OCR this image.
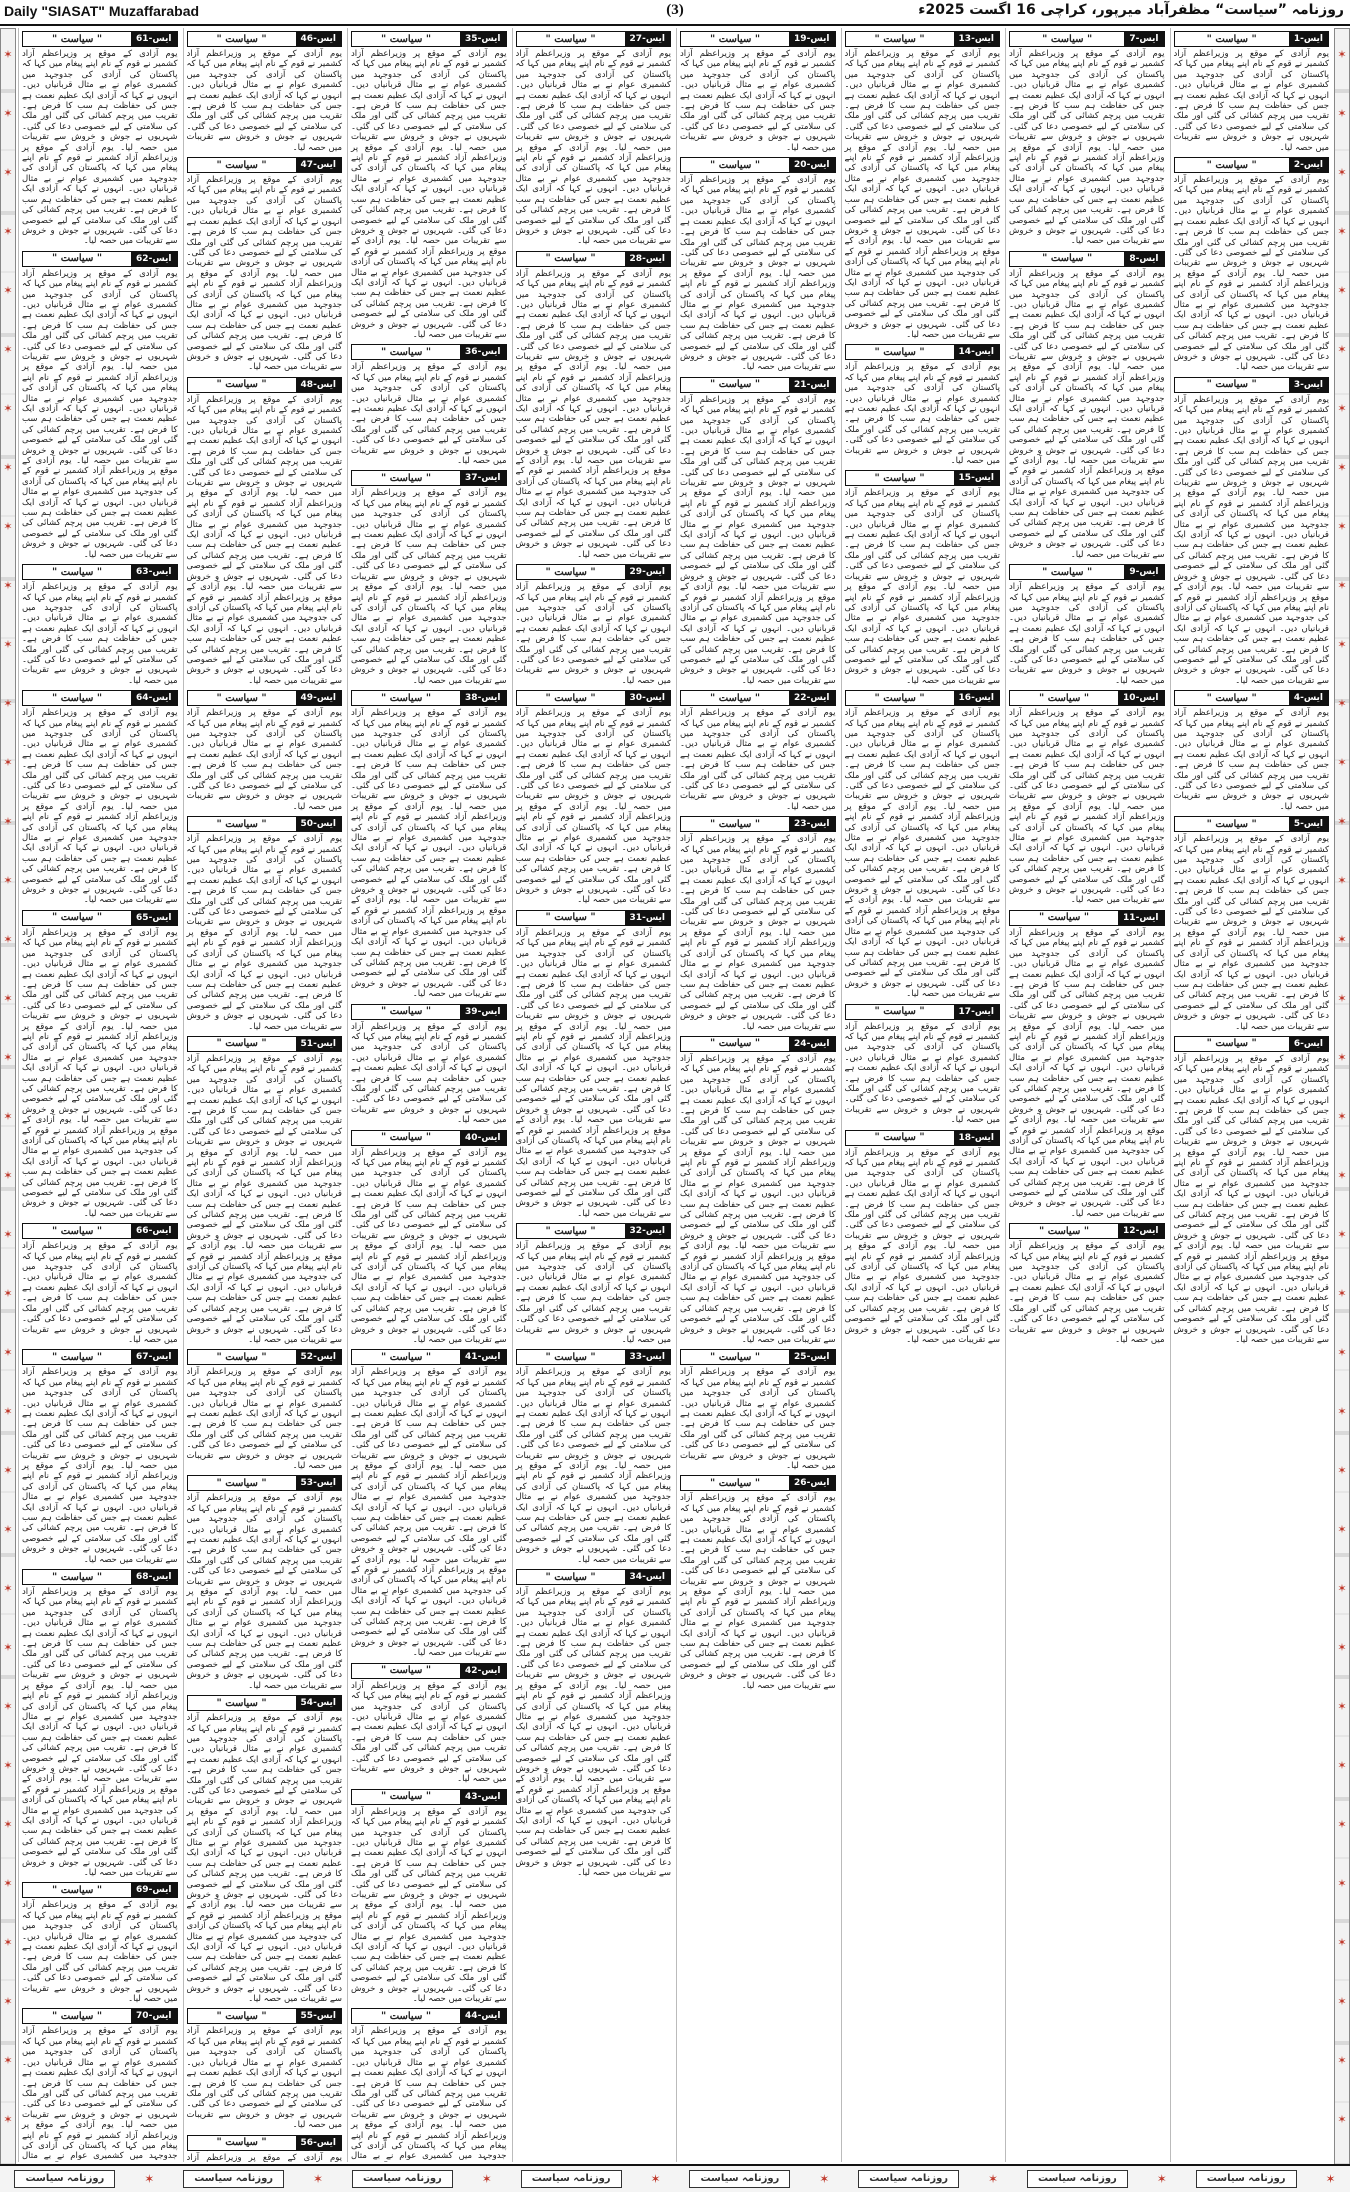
Daily "SIASAT" Muzaffarabad	(3)	روزنامہ ”سیاست“ مظفرآباد میرپور، کراچی 16 اگست 2025ء
✶
✶
✶
✶
✶
✶
✶
✶
✶
✶
✶
✶
✶
✶
✶
✶
✶
✶
✶
✶
✶
✶
✶
✶
✶
✶
✶
✶
✶
✶
✶
✶
✶
✶
✶
✶
✶
✶
✶
✶
✶
✶
✶
✶
✶
✶
✶
✶
✶
✶
✶
✶
✶
✶
✶
✶
✶
✶
✶
✶
✶
✶
✶
✶
✶
✶
✶
✶
✶
✶
✶
✶
ایس-1
" سیاست "

یوم آزادی کے موقع پر وزیراعظم آزاد کشمیر نے قوم کے نام اپنے پیغام میں کہا کہ پاکستان کی آزادی کی جدوجہد میں کشمیری عوام نے بے مثال قربانیاں دیں۔ انہوں نے کہا کہ آزادی ایک عظیم نعمت ہے جس کی حفاظت ہم سب کا فرض ہے۔ تقریب میں پرچم کشائی کی گئی اور ملک کی سلامتی کے لیے خصوصی دعا کی گئی۔ شہریوں نے جوش و خروش سے تقریبات میں حصہ لیا۔

ایس-2
" سیاست "

یوم آزادی کے موقع پر وزیراعظم آزاد کشمیر نے قوم کے نام اپنے پیغام میں کہا کہ پاکستان کی آزادی کی جدوجہد میں کشمیری عوام نے بے مثال قربانیاں دیں۔ انہوں نے کہا کہ آزادی ایک عظیم نعمت ہے جس کی حفاظت ہم سب کا فرض ہے۔ تقریب میں پرچم کشائی کی گئی اور ملک کی سلامتی کے لیے خصوصی دعا کی گئی۔ شہریوں نے جوش و خروش سے تقریبات میں حصہ لیا۔ یوم آزادی کے موقع پر وزیراعظم آزاد کشمیر نے قوم کے نام اپنے پیغام میں کہا کہ پاکستان کی آزادی کی جدوجہد میں کشمیری عوام نے بے مثال قربانیاں دیں۔ انہوں نے کہا کہ آزادی ایک عظیم نعمت ہے جس کی حفاظت ہم سب کا فرض ہے۔ تقریب میں پرچم کشائی کی گئی اور ملک کی سلامتی کے لیے خصوصی دعا کی گئی۔ شہریوں نے جوش و خروش سے تقریبات میں حصہ لیا۔

ایس-3
" سیاست "

یوم آزادی کے موقع پر وزیراعظم آزاد کشمیر نے قوم کے نام اپنے پیغام میں کہا کہ پاکستان کی آزادی کی جدوجہد میں کشمیری عوام نے بے مثال قربانیاں دیں۔ انہوں نے کہا کہ آزادی ایک عظیم نعمت ہے جس کی حفاظت ہم سب کا فرض ہے۔ تقریب میں پرچم کشائی کی گئی اور ملک کی سلامتی کے لیے خصوصی دعا کی گئی۔ شہریوں نے جوش و خروش سے تقریبات میں حصہ لیا۔ یوم آزادی کے موقع پر وزیراعظم آزاد کشمیر نے قوم کے نام اپنے پیغام میں کہا کہ پاکستان کی آزادی کی جدوجہد میں کشمیری عوام نے بے مثال قربانیاں دیں۔ انہوں نے کہا کہ آزادی ایک عظیم نعمت ہے جس کی حفاظت ہم سب کا فرض ہے۔ تقریب میں پرچم کشائی کی گئی اور ملک کی سلامتی کے لیے خصوصی دعا کی گئی۔ شہریوں نے جوش و خروش سے تقریبات میں حصہ لیا۔ یوم آزادی کے موقع پر وزیراعظم آزاد کشمیر نے قوم کے نام اپنے پیغام میں کہا کہ پاکستان کی آزادی کی جدوجہد میں کشمیری عوام نے بے مثال قربانیاں دیں۔ انہوں نے کہا کہ آزادی ایک عظیم نعمت ہے جس کی حفاظت ہم سب کا فرض ہے۔ تقریب میں پرچم کشائی کی گئی اور ملک کی سلامتی کے لیے خصوصی دعا کی گئی۔ شہریوں نے جوش و خروش سے تقریبات میں حصہ لیا۔

ایس-4
" سیاست "

یوم آزادی کے موقع پر وزیراعظم آزاد کشمیر نے قوم کے نام اپنے پیغام میں کہا کہ پاکستان کی آزادی کی جدوجہد میں کشمیری عوام نے بے مثال قربانیاں دیں۔ انہوں نے کہا کہ آزادی ایک عظیم نعمت ہے جس کی حفاظت ہم سب کا فرض ہے۔ تقریب میں پرچم کشائی کی گئی اور ملک کی سلامتی کے لیے خصوصی دعا کی گئی۔ شہریوں نے جوش و خروش سے تقریبات میں حصہ لیا۔

ایس-5
" سیاست "

یوم آزادی کے موقع پر وزیراعظم آزاد کشمیر نے قوم کے نام اپنے پیغام میں کہا کہ پاکستان کی آزادی کی جدوجہد میں کشمیری عوام نے بے مثال قربانیاں دیں۔ انہوں نے کہا کہ آزادی ایک عظیم نعمت ہے جس کی حفاظت ہم سب کا فرض ہے۔ تقریب میں پرچم کشائی کی گئی اور ملک کی سلامتی کے لیے خصوصی دعا کی گئی۔ شہریوں نے جوش و خروش سے تقریبات میں حصہ لیا۔ یوم آزادی کے موقع پر وزیراعظم آزاد کشمیر نے قوم کے نام اپنے پیغام میں کہا کہ پاکستان کی آزادی کی جدوجہد میں کشمیری عوام نے بے مثال قربانیاں دیں۔ انہوں نے کہا کہ آزادی ایک عظیم نعمت ہے جس کی حفاظت ہم سب کا فرض ہے۔ تقریب میں پرچم کشائی کی گئی اور ملک کی سلامتی کے لیے خصوصی دعا کی گئی۔ شہریوں نے جوش و خروش سے تقریبات میں حصہ لیا۔

ایس-6
" سیاست "

یوم آزادی کے موقع پر وزیراعظم آزاد کشمیر نے قوم کے نام اپنے پیغام میں کہا کہ پاکستان کی آزادی کی جدوجہد میں کشمیری عوام نے بے مثال قربانیاں دیں۔ انہوں نے کہا کہ آزادی ایک عظیم نعمت ہے جس کی حفاظت ہم سب کا فرض ہے۔ تقریب میں پرچم کشائی کی گئی اور ملک کی سلامتی کے لیے خصوصی دعا کی گئی۔ شہریوں نے جوش و خروش سے تقریبات میں حصہ لیا۔ یوم آزادی کے موقع پر وزیراعظم آزاد کشمیر نے قوم کے نام اپنے پیغام میں کہا کہ پاکستان کی آزادی کی جدوجہد میں کشمیری عوام نے بے مثال قربانیاں دیں۔ انہوں نے کہا کہ آزادی ایک عظیم نعمت ہے جس کی حفاظت ہم سب کا فرض ہے۔ تقریب میں پرچم کشائی کی گئی اور ملک کی سلامتی کے لیے خصوصی دعا کی گئی۔ شہریوں نے جوش و خروش سے تقریبات میں حصہ لیا۔ یوم آزادی کے موقع پر وزیراعظم آزاد کشمیر نے قوم کے نام اپنے پیغام میں کہا کہ پاکستان کی آزادی کی جدوجہد میں کشمیری عوام نے بے مثال قربانیاں دیں۔ انہوں نے کہا کہ آزادی ایک عظیم نعمت ہے جس کی حفاظت ہم سب کا فرض ہے۔ تقریب میں پرچم کشائی کی گئی اور ملک کی سلامتی کے لیے خصوصی دعا کی گئی۔ شہریوں نے جوش و خروش سے تقریبات میں حصہ لیا۔

ایس-7
" سیاست "

یوم آزادی کے موقع پر وزیراعظم آزاد کشمیر نے قوم کے نام اپنے پیغام میں کہا کہ پاکستان کی آزادی کی جدوجہد میں کشمیری عوام نے بے مثال قربانیاں دیں۔ انہوں نے کہا کہ آزادی ایک عظیم نعمت ہے جس کی حفاظت ہم سب کا فرض ہے۔ تقریب میں پرچم کشائی کی گئی اور ملک کی سلامتی کے لیے خصوصی دعا کی گئی۔ شہریوں نے جوش و خروش سے تقریبات میں حصہ لیا۔ یوم آزادی کے موقع پر وزیراعظم آزاد کشمیر نے قوم کے نام اپنے پیغام میں کہا کہ پاکستان کی آزادی کی جدوجہد میں کشمیری عوام نے بے مثال قربانیاں دیں۔ انہوں نے کہا کہ آزادی ایک عظیم نعمت ہے جس کی حفاظت ہم سب کا فرض ہے۔ تقریب میں پرچم کشائی کی گئی اور ملک کی سلامتی کے لیے خصوصی دعا کی گئی۔ شہریوں نے جوش و خروش سے تقریبات میں حصہ لیا۔

ایس-8
" سیاست "

یوم آزادی کے موقع پر وزیراعظم آزاد کشمیر نے قوم کے نام اپنے پیغام میں کہا کہ پاکستان کی آزادی کی جدوجہد میں کشمیری عوام نے بے مثال قربانیاں دیں۔ انہوں نے کہا کہ آزادی ایک عظیم نعمت ہے جس کی حفاظت ہم سب کا فرض ہے۔ تقریب میں پرچم کشائی کی گئی اور ملک کی سلامتی کے لیے خصوصی دعا کی گئی۔ شہریوں نے جوش و خروش سے تقریبات میں حصہ لیا۔ یوم آزادی کے موقع پر وزیراعظم آزاد کشمیر نے قوم کے نام اپنے پیغام میں کہا کہ پاکستان کی آزادی کی جدوجہد میں کشمیری عوام نے بے مثال قربانیاں دیں۔ انہوں نے کہا کہ آزادی ایک عظیم نعمت ہے جس کی حفاظت ہم سب کا فرض ہے۔ تقریب میں پرچم کشائی کی گئی اور ملک کی سلامتی کے لیے خصوصی دعا کی گئی۔ شہریوں نے جوش و خروش سے تقریبات میں حصہ لیا۔ یوم آزادی کے موقع پر وزیراعظم آزاد کشمیر نے قوم کے نام اپنے پیغام میں کہا کہ پاکستان کی آزادی کی جدوجہد میں کشمیری عوام نے بے مثال قربانیاں دیں۔ انہوں نے کہا کہ آزادی ایک عظیم نعمت ہے جس کی حفاظت ہم سب کا فرض ہے۔ تقریب میں پرچم کشائی کی گئی اور ملک کی سلامتی کے لیے خصوصی دعا کی گئی۔ شہریوں نے جوش و خروش سے تقریبات میں حصہ لیا۔

ایس-9
" سیاست "

یوم آزادی کے موقع پر وزیراعظم آزاد کشمیر نے قوم کے نام اپنے پیغام میں کہا کہ پاکستان کی آزادی کی جدوجہد میں کشمیری عوام نے بے مثال قربانیاں دیں۔ انہوں نے کہا کہ آزادی ایک عظیم نعمت ہے جس کی حفاظت ہم سب کا فرض ہے۔ تقریب میں پرچم کشائی کی گئی اور ملک کی سلامتی کے لیے خصوصی دعا کی گئی۔ شہریوں نے جوش و خروش سے تقریبات میں حصہ لیا۔

ایس-10
" سیاست "

یوم آزادی کے موقع پر وزیراعظم آزاد کشمیر نے قوم کے نام اپنے پیغام میں کہا کہ پاکستان کی آزادی کی جدوجہد میں کشمیری عوام نے بے مثال قربانیاں دیں۔ انہوں نے کہا کہ آزادی ایک عظیم نعمت ہے جس کی حفاظت ہم سب کا فرض ہے۔ تقریب میں پرچم کشائی کی گئی اور ملک کی سلامتی کے لیے خصوصی دعا کی گئی۔ شہریوں نے جوش و خروش سے تقریبات میں حصہ لیا۔ یوم آزادی کے موقع پر وزیراعظم آزاد کشمیر نے قوم کے نام اپنے پیغام میں کہا کہ پاکستان کی آزادی کی جدوجہد میں کشمیری عوام نے بے مثال قربانیاں دیں۔ انہوں نے کہا کہ آزادی ایک عظیم نعمت ہے جس کی حفاظت ہم سب کا فرض ہے۔ تقریب میں پرچم کشائی کی گئی اور ملک کی سلامتی کے لیے خصوصی دعا کی گئی۔ شہریوں نے جوش و خروش سے تقریبات میں حصہ لیا۔

ایس-11
" سیاست "

یوم آزادی کے موقع پر وزیراعظم آزاد کشمیر نے قوم کے نام اپنے پیغام میں کہا کہ پاکستان کی آزادی کی جدوجہد میں کشمیری عوام نے بے مثال قربانیاں دیں۔ انہوں نے کہا کہ آزادی ایک عظیم نعمت ہے جس کی حفاظت ہم سب کا فرض ہے۔ تقریب میں پرچم کشائی کی گئی اور ملک کی سلامتی کے لیے خصوصی دعا کی گئی۔ شہریوں نے جوش و خروش سے تقریبات میں حصہ لیا۔ یوم آزادی کے موقع پر وزیراعظم آزاد کشمیر نے قوم کے نام اپنے پیغام میں کہا کہ پاکستان کی آزادی کی جدوجہد میں کشمیری عوام نے بے مثال قربانیاں دیں۔ انہوں نے کہا کہ آزادی ایک عظیم نعمت ہے جس کی حفاظت ہم سب کا فرض ہے۔ تقریب میں پرچم کشائی کی گئی اور ملک کی سلامتی کے لیے خصوصی دعا کی گئی۔ شہریوں نے جوش و خروش سے تقریبات میں حصہ لیا۔ یوم آزادی کے موقع پر وزیراعظم آزاد کشمیر نے قوم کے نام اپنے پیغام میں کہا کہ پاکستان کی آزادی کی جدوجہد میں کشمیری عوام نے بے مثال قربانیاں دیں۔ انہوں نے کہا کہ آزادی ایک عظیم نعمت ہے جس کی حفاظت ہم سب کا فرض ہے۔ تقریب میں پرچم کشائی کی گئی اور ملک کی سلامتی کے لیے خصوصی دعا کی گئی۔ شہریوں نے جوش و خروش سے تقریبات میں حصہ لیا۔

ایس-12
" سیاست "

یوم آزادی کے موقع پر وزیراعظم آزاد کشمیر نے قوم کے نام اپنے پیغام میں کہا کہ پاکستان کی آزادی کی جدوجہد میں کشمیری عوام نے بے مثال قربانیاں دیں۔ انہوں نے کہا کہ آزادی ایک عظیم نعمت ہے جس کی حفاظت ہم سب کا فرض ہے۔ تقریب میں پرچم کشائی کی گئی اور ملک کی سلامتی کے لیے خصوصی دعا کی گئی۔ شہریوں نے جوش و خروش سے تقریبات میں حصہ لیا۔

ایس-13
" سیاست "

یوم آزادی کے موقع پر وزیراعظم آزاد کشمیر نے قوم کے نام اپنے پیغام میں کہا کہ پاکستان کی آزادی کی جدوجہد میں کشمیری عوام نے بے مثال قربانیاں دیں۔ انہوں نے کہا کہ آزادی ایک عظیم نعمت ہے جس کی حفاظت ہم سب کا فرض ہے۔ تقریب میں پرچم کشائی کی گئی اور ملک کی سلامتی کے لیے خصوصی دعا کی گئی۔ شہریوں نے جوش و خروش سے تقریبات میں حصہ لیا۔ یوم آزادی کے موقع پر وزیراعظم آزاد کشمیر نے قوم کے نام اپنے پیغام میں کہا کہ پاکستان کی آزادی کی جدوجہد میں کشمیری عوام نے بے مثال قربانیاں دیں۔ انہوں نے کہا کہ آزادی ایک عظیم نعمت ہے جس کی حفاظت ہم سب کا فرض ہے۔ تقریب میں پرچم کشائی کی گئی اور ملک کی سلامتی کے لیے خصوصی دعا کی گئی۔ شہریوں نے جوش و خروش سے تقریبات میں حصہ لیا۔ یوم آزادی کے موقع پر وزیراعظم آزاد کشمیر نے قوم کے نام اپنے پیغام میں کہا کہ پاکستان کی آزادی کی جدوجہد میں کشمیری عوام نے بے مثال قربانیاں دیں۔ انہوں نے کہا کہ آزادی ایک عظیم نعمت ہے جس کی حفاظت ہم سب کا فرض ہے۔ تقریب میں پرچم کشائی کی گئی اور ملک کی سلامتی کے لیے خصوصی دعا کی گئی۔ شہریوں نے جوش و خروش سے تقریبات میں حصہ لیا۔

ایس-14
" سیاست "

یوم آزادی کے موقع پر وزیراعظم آزاد کشمیر نے قوم کے نام اپنے پیغام میں کہا کہ پاکستان کی آزادی کی جدوجہد میں کشمیری عوام نے بے مثال قربانیاں دیں۔ انہوں نے کہا کہ آزادی ایک عظیم نعمت ہے جس کی حفاظت ہم سب کا فرض ہے۔ تقریب میں پرچم کشائی کی گئی اور ملک کی سلامتی کے لیے خصوصی دعا کی گئی۔ شہریوں نے جوش و خروش سے تقریبات میں حصہ لیا۔

ایس-15
" سیاست "

یوم آزادی کے موقع پر وزیراعظم آزاد کشمیر نے قوم کے نام اپنے پیغام میں کہا کہ پاکستان کی آزادی کی جدوجہد میں کشمیری عوام نے بے مثال قربانیاں دیں۔ انہوں نے کہا کہ آزادی ایک عظیم نعمت ہے جس کی حفاظت ہم سب کا فرض ہے۔ تقریب میں پرچم کشائی کی گئی اور ملک کی سلامتی کے لیے خصوصی دعا کی گئی۔ شہریوں نے جوش و خروش سے تقریبات میں حصہ لیا۔ یوم آزادی کے موقع پر وزیراعظم آزاد کشمیر نے قوم کے نام اپنے پیغام میں کہا کہ پاکستان کی آزادی کی جدوجہد میں کشمیری عوام نے بے مثال قربانیاں دیں۔ انہوں نے کہا کہ آزادی ایک عظیم نعمت ہے جس کی حفاظت ہم سب کا فرض ہے۔ تقریب میں پرچم کشائی کی گئی اور ملک کی سلامتی کے لیے خصوصی دعا کی گئی۔ شہریوں نے جوش و خروش سے تقریبات میں حصہ لیا۔

ایس-16
" سیاست "

یوم آزادی کے موقع پر وزیراعظم آزاد کشمیر نے قوم کے نام اپنے پیغام میں کہا کہ پاکستان کی آزادی کی جدوجہد میں کشمیری عوام نے بے مثال قربانیاں دیں۔ انہوں نے کہا کہ آزادی ایک عظیم نعمت ہے جس کی حفاظت ہم سب کا فرض ہے۔ تقریب میں پرچم کشائی کی گئی اور ملک کی سلامتی کے لیے خصوصی دعا کی گئی۔ شہریوں نے جوش و خروش سے تقریبات میں حصہ لیا۔ یوم آزادی کے موقع پر وزیراعظم آزاد کشمیر نے قوم کے نام اپنے پیغام میں کہا کہ پاکستان کی آزادی کی جدوجہد میں کشمیری عوام نے بے مثال قربانیاں دیں۔ انہوں نے کہا کہ آزادی ایک عظیم نعمت ہے جس کی حفاظت ہم سب کا فرض ہے۔ تقریب میں پرچم کشائی کی گئی اور ملک کی سلامتی کے لیے خصوصی دعا کی گئی۔ شہریوں نے جوش و خروش سے تقریبات میں حصہ لیا۔ یوم آزادی کے موقع پر وزیراعظم آزاد کشمیر نے قوم کے نام اپنے پیغام میں کہا کہ پاکستان کی آزادی کی جدوجہد میں کشمیری عوام نے بے مثال قربانیاں دیں۔ انہوں نے کہا کہ آزادی ایک عظیم نعمت ہے جس کی حفاظت ہم سب کا فرض ہے۔ تقریب میں پرچم کشائی کی گئی اور ملک کی سلامتی کے لیے خصوصی دعا کی گئی۔ شہریوں نے جوش و خروش سے تقریبات میں حصہ لیا۔

ایس-17
" سیاست "

یوم آزادی کے موقع پر وزیراعظم آزاد کشمیر نے قوم کے نام اپنے پیغام میں کہا کہ پاکستان کی آزادی کی جدوجہد میں کشمیری عوام نے بے مثال قربانیاں دیں۔ انہوں نے کہا کہ آزادی ایک عظیم نعمت ہے جس کی حفاظت ہم سب کا فرض ہے۔ تقریب میں پرچم کشائی کی گئی اور ملک کی سلامتی کے لیے خصوصی دعا کی گئی۔ شہریوں نے جوش و خروش سے تقریبات میں حصہ لیا۔

ایس-18
" سیاست "

یوم آزادی کے موقع پر وزیراعظم آزاد کشمیر نے قوم کے نام اپنے پیغام میں کہا کہ پاکستان کی آزادی کی جدوجہد میں کشمیری عوام نے بے مثال قربانیاں دیں۔ انہوں نے کہا کہ آزادی ایک عظیم نعمت ہے جس کی حفاظت ہم سب کا فرض ہے۔ تقریب میں پرچم کشائی کی گئی اور ملک کی سلامتی کے لیے خصوصی دعا کی گئی۔ شہریوں نے جوش و خروش سے تقریبات میں حصہ لیا۔ یوم آزادی کے موقع پر وزیراعظم آزاد کشمیر نے قوم کے نام اپنے پیغام میں کہا کہ پاکستان کی آزادی کی جدوجہد میں کشمیری عوام نے بے مثال قربانیاں دیں۔ انہوں نے کہا کہ آزادی ایک عظیم نعمت ہے جس کی حفاظت ہم سب کا فرض ہے۔ تقریب میں پرچم کشائی کی گئی اور ملک کی سلامتی کے لیے خصوصی دعا کی گئی۔ شہریوں نے جوش و خروش سے تقریبات میں حصہ لیا۔

ایس-19
" سیاست "

یوم آزادی کے موقع پر وزیراعظم آزاد کشمیر نے قوم کے نام اپنے پیغام میں کہا کہ پاکستان کی آزادی کی جدوجہد میں کشمیری عوام نے بے مثال قربانیاں دیں۔ انہوں نے کہا کہ آزادی ایک عظیم نعمت ہے جس کی حفاظت ہم سب کا فرض ہے۔ تقریب میں پرچم کشائی کی گئی اور ملک کی سلامتی کے لیے خصوصی دعا کی گئی۔ شہریوں نے جوش و خروش سے تقریبات میں حصہ لیا۔

ایس-20
" سیاست "

یوم آزادی کے موقع پر وزیراعظم آزاد کشمیر نے قوم کے نام اپنے پیغام میں کہا کہ پاکستان کی آزادی کی جدوجہد میں کشمیری عوام نے بے مثال قربانیاں دیں۔ انہوں نے کہا کہ آزادی ایک عظیم نعمت ہے جس کی حفاظت ہم سب کا فرض ہے۔ تقریب میں پرچم کشائی کی گئی اور ملک کی سلامتی کے لیے خصوصی دعا کی گئی۔ شہریوں نے جوش و خروش سے تقریبات میں حصہ لیا۔ یوم آزادی کے موقع پر وزیراعظم آزاد کشمیر نے قوم کے نام اپنے پیغام میں کہا کہ پاکستان کی آزادی کی جدوجہد میں کشمیری عوام نے بے مثال قربانیاں دیں۔ انہوں نے کہا کہ آزادی ایک عظیم نعمت ہے جس کی حفاظت ہم سب کا فرض ہے۔ تقریب میں پرچم کشائی کی گئی اور ملک کی سلامتی کے لیے خصوصی دعا کی گئی۔ شہریوں نے جوش و خروش سے تقریبات میں حصہ لیا۔

ایس-21
" سیاست "

یوم آزادی کے موقع پر وزیراعظم آزاد کشمیر نے قوم کے نام اپنے پیغام میں کہا کہ پاکستان کی آزادی کی جدوجہد میں کشمیری عوام نے بے مثال قربانیاں دیں۔ انہوں نے کہا کہ آزادی ایک عظیم نعمت ہے جس کی حفاظت ہم سب کا فرض ہے۔ تقریب میں پرچم کشائی کی گئی اور ملک کی سلامتی کے لیے خصوصی دعا کی گئی۔ شہریوں نے جوش و خروش سے تقریبات میں حصہ لیا۔ یوم آزادی کے موقع پر وزیراعظم آزاد کشمیر نے قوم کے نام اپنے پیغام میں کہا کہ پاکستان کی آزادی کی جدوجہد میں کشمیری عوام نے بے مثال قربانیاں دیں۔ انہوں نے کہا کہ آزادی ایک عظیم نعمت ہے جس کی حفاظت ہم سب کا فرض ہے۔ تقریب میں پرچم کشائی کی گئی اور ملک کی سلامتی کے لیے خصوصی دعا کی گئی۔ شہریوں نے جوش و خروش سے تقریبات میں حصہ لیا۔ یوم آزادی کے موقع پر وزیراعظم آزاد کشمیر نے قوم کے نام اپنے پیغام میں کہا کہ پاکستان کی آزادی کی جدوجہد میں کشمیری عوام نے بے مثال قربانیاں دیں۔ انہوں نے کہا کہ آزادی ایک عظیم نعمت ہے جس کی حفاظت ہم سب کا فرض ہے۔ تقریب میں پرچم کشائی کی گئی اور ملک کی سلامتی کے لیے خصوصی دعا کی گئی۔ شہریوں نے جوش و خروش سے تقریبات میں حصہ لیا۔

ایس-22
" سیاست "

یوم آزادی کے موقع پر وزیراعظم آزاد کشمیر نے قوم کے نام اپنے پیغام میں کہا کہ پاکستان کی آزادی کی جدوجہد میں کشمیری عوام نے بے مثال قربانیاں دیں۔ انہوں نے کہا کہ آزادی ایک عظیم نعمت ہے جس کی حفاظت ہم سب کا فرض ہے۔ تقریب میں پرچم کشائی کی گئی اور ملک کی سلامتی کے لیے خصوصی دعا کی گئی۔ شہریوں نے جوش و خروش سے تقریبات میں حصہ لیا۔

ایس-23
" سیاست "

یوم آزادی کے موقع پر وزیراعظم آزاد کشمیر نے قوم کے نام اپنے پیغام میں کہا کہ پاکستان کی آزادی کی جدوجہد میں کشمیری عوام نے بے مثال قربانیاں دیں۔ انہوں نے کہا کہ آزادی ایک عظیم نعمت ہے جس کی حفاظت ہم سب کا فرض ہے۔ تقریب میں پرچم کشائی کی گئی اور ملک کی سلامتی کے لیے خصوصی دعا کی گئی۔ شہریوں نے جوش و خروش سے تقریبات میں حصہ لیا۔ یوم آزادی کے موقع پر وزیراعظم آزاد کشمیر نے قوم کے نام اپنے پیغام میں کہا کہ پاکستان کی آزادی کی جدوجہد میں کشمیری عوام نے بے مثال قربانیاں دیں۔ انہوں نے کہا کہ آزادی ایک عظیم نعمت ہے جس کی حفاظت ہم سب کا فرض ہے۔ تقریب میں پرچم کشائی کی گئی اور ملک کی سلامتی کے لیے خصوصی دعا کی گئی۔ شہریوں نے جوش و خروش سے تقریبات میں حصہ لیا۔

ایس-24
" سیاست "

یوم آزادی کے موقع پر وزیراعظم آزاد کشمیر نے قوم کے نام اپنے پیغام میں کہا کہ پاکستان کی آزادی کی جدوجہد میں کشمیری عوام نے بے مثال قربانیاں دیں۔ انہوں نے کہا کہ آزادی ایک عظیم نعمت ہے جس کی حفاظت ہم سب کا فرض ہے۔ تقریب میں پرچم کشائی کی گئی اور ملک کی سلامتی کے لیے خصوصی دعا کی گئی۔ شہریوں نے جوش و خروش سے تقریبات میں حصہ لیا۔ یوم آزادی کے موقع پر وزیراعظم آزاد کشمیر نے قوم کے نام اپنے پیغام میں کہا کہ پاکستان کی آزادی کی جدوجہد میں کشمیری عوام نے بے مثال قربانیاں دیں۔ انہوں نے کہا کہ آزادی ایک عظیم نعمت ہے جس کی حفاظت ہم سب کا فرض ہے۔ تقریب میں پرچم کشائی کی گئی اور ملک کی سلامتی کے لیے خصوصی دعا کی گئی۔ شہریوں نے جوش و خروش سے تقریبات میں حصہ لیا۔ یوم آزادی کے موقع پر وزیراعظم آزاد کشمیر نے قوم کے نام اپنے پیغام میں کہا کہ پاکستان کی آزادی کی جدوجہد میں کشمیری عوام نے بے مثال قربانیاں دیں۔ انہوں نے کہا کہ آزادی ایک عظیم نعمت ہے جس کی حفاظت ہم سب کا فرض ہے۔ تقریب میں پرچم کشائی کی گئی اور ملک کی سلامتی کے لیے خصوصی دعا کی گئی۔ شہریوں نے جوش و خروش سے تقریبات میں حصہ لیا۔

ایس-25
" سیاست "

یوم آزادی کے موقع پر وزیراعظم آزاد کشمیر نے قوم کے نام اپنے پیغام میں کہا کہ پاکستان کی آزادی کی جدوجہد میں کشمیری عوام نے بے مثال قربانیاں دیں۔ انہوں نے کہا کہ آزادی ایک عظیم نعمت ہے جس کی حفاظت ہم سب کا فرض ہے۔ تقریب میں پرچم کشائی کی گئی اور ملک کی سلامتی کے لیے خصوصی دعا کی گئی۔ شہریوں نے جوش و خروش سے تقریبات میں حصہ لیا۔

ایس-26
" سیاست "

یوم آزادی کے موقع پر وزیراعظم آزاد کشمیر نے قوم کے نام اپنے پیغام میں کہا کہ پاکستان کی آزادی کی جدوجہد میں کشمیری عوام نے بے مثال قربانیاں دیں۔ انہوں نے کہا کہ آزادی ایک عظیم نعمت ہے جس کی حفاظت ہم سب کا فرض ہے۔ تقریب میں پرچم کشائی کی گئی اور ملک کی سلامتی کے لیے خصوصی دعا کی گئی۔ شہریوں نے جوش و خروش سے تقریبات میں حصہ لیا۔ یوم آزادی کے موقع پر وزیراعظم آزاد کشمیر نے قوم کے نام اپنے پیغام میں کہا کہ پاکستان کی آزادی کی جدوجہد میں کشمیری عوام نے بے مثال قربانیاں دیں۔ انہوں نے کہا کہ آزادی ایک عظیم نعمت ہے جس کی حفاظت ہم سب کا فرض ہے۔ تقریب میں پرچم کشائی کی گئی اور ملک کی سلامتی کے لیے خصوصی دعا کی گئی۔ شہریوں نے جوش و خروش سے تقریبات میں حصہ لیا۔

ایس-27
" سیاست "

یوم آزادی کے موقع پر وزیراعظم آزاد کشمیر نے قوم کے نام اپنے پیغام میں کہا کہ پاکستان کی آزادی کی جدوجہد میں کشمیری عوام نے بے مثال قربانیاں دیں۔ انہوں نے کہا کہ آزادی ایک عظیم نعمت ہے جس کی حفاظت ہم سب کا فرض ہے۔ تقریب میں پرچم کشائی کی گئی اور ملک کی سلامتی کے لیے خصوصی دعا کی گئی۔ شہریوں نے جوش و خروش سے تقریبات میں حصہ لیا۔ یوم آزادی کے موقع پر وزیراعظم آزاد کشمیر نے قوم کے نام اپنے پیغام میں کہا کہ پاکستان کی آزادی کی جدوجہد میں کشمیری عوام نے بے مثال قربانیاں دیں۔ انہوں نے کہا کہ آزادی ایک عظیم نعمت ہے جس کی حفاظت ہم سب کا فرض ہے۔ تقریب میں پرچم کشائی کی گئی اور ملک کی سلامتی کے لیے خصوصی دعا کی گئی۔ شہریوں نے جوش و خروش سے تقریبات میں حصہ لیا۔

ایس-28
" سیاست "

یوم آزادی کے موقع پر وزیراعظم آزاد کشمیر نے قوم کے نام اپنے پیغام میں کہا کہ پاکستان کی آزادی کی جدوجہد میں کشمیری عوام نے بے مثال قربانیاں دیں۔ انہوں نے کہا کہ آزادی ایک عظیم نعمت ہے جس کی حفاظت ہم سب کا فرض ہے۔ تقریب میں پرچم کشائی کی گئی اور ملک کی سلامتی کے لیے خصوصی دعا کی گئی۔ شہریوں نے جوش و خروش سے تقریبات میں حصہ لیا۔ یوم آزادی کے موقع پر وزیراعظم آزاد کشمیر نے قوم کے نام اپنے پیغام میں کہا کہ پاکستان کی آزادی کی جدوجہد میں کشمیری عوام نے بے مثال قربانیاں دیں۔ انہوں نے کہا کہ آزادی ایک عظیم نعمت ہے جس کی حفاظت ہم سب کا فرض ہے۔ تقریب میں پرچم کشائی کی گئی اور ملک کی سلامتی کے لیے خصوصی دعا کی گئی۔ شہریوں نے جوش و خروش سے تقریبات میں حصہ لیا۔ یوم آزادی کے موقع پر وزیراعظم آزاد کشمیر نے قوم کے نام اپنے پیغام میں کہا کہ پاکستان کی آزادی کی جدوجہد میں کشمیری عوام نے بے مثال قربانیاں دیں۔ انہوں نے کہا کہ آزادی ایک عظیم نعمت ہے جس کی حفاظت ہم سب کا فرض ہے۔ تقریب میں پرچم کشائی کی گئی اور ملک کی سلامتی کے لیے خصوصی دعا کی گئی۔ شہریوں نے جوش و خروش سے تقریبات میں حصہ لیا۔

ایس-29
" سیاست "

یوم آزادی کے موقع پر وزیراعظم آزاد کشمیر نے قوم کے نام اپنے پیغام میں کہا کہ پاکستان کی آزادی کی جدوجہد میں کشمیری عوام نے بے مثال قربانیاں دیں۔ انہوں نے کہا کہ آزادی ایک عظیم نعمت ہے جس کی حفاظت ہم سب کا فرض ہے۔ تقریب میں پرچم کشائی کی گئی اور ملک کی سلامتی کے لیے خصوصی دعا کی گئی۔ شہریوں نے جوش و خروش سے تقریبات میں حصہ لیا۔

ایس-30
" سیاست "

یوم آزادی کے موقع پر وزیراعظم آزاد کشمیر نے قوم کے نام اپنے پیغام میں کہا کہ پاکستان کی آزادی کی جدوجہد میں کشمیری عوام نے بے مثال قربانیاں دیں۔ انہوں نے کہا کہ آزادی ایک عظیم نعمت ہے جس کی حفاظت ہم سب کا فرض ہے۔ تقریب میں پرچم کشائی کی گئی اور ملک کی سلامتی کے لیے خصوصی دعا کی گئی۔ شہریوں نے جوش و خروش سے تقریبات میں حصہ لیا۔ یوم آزادی کے موقع پر وزیراعظم آزاد کشمیر نے قوم کے نام اپنے پیغام میں کہا کہ پاکستان کی آزادی کی جدوجہد میں کشمیری عوام نے بے مثال قربانیاں دیں۔ انہوں نے کہا کہ آزادی ایک عظیم نعمت ہے جس کی حفاظت ہم سب کا فرض ہے۔ تقریب میں پرچم کشائی کی گئی اور ملک کی سلامتی کے لیے خصوصی دعا کی گئی۔ شہریوں نے جوش و خروش سے تقریبات میں حصہ لیا۔

ایس-31
" سیاست "

یوم آزادی کے موقع پر وزیراعظم آزاد کشمیر نے قوم کے نام اپنے پیغام میں کہا کہ پاکستان کی آزادی کی جدوجہد میں کشمیری عوام نے بے مثال قربانیاں دیں۔ انہوں نے کہا کہ آزادی ایک عظیم نعمت ہے جس کی حفاظت ہم سب کا فرض ہے۔ تقریب میں پرچم کشائی کی گئی اور ملک کی سلامتی کے لیے خصوصی دعا کی گئی۔ شہریوں نے جوش و خروش سے تقریبات میں حصہ لیا۔ یوم آزادی کے موقع پر وزیراعظم آزاد کشمیر نے قوم کے نام اپنے پیغام میں کہا کہ پاکستان کی آزادی کی جدوجہد میں کشمیری عوام نے بے مثال قربانیاں دیں۔ انہوں نے کہا کہ آزادی ایک عظیم نعمت ہے جس کی حفاظت ہم سب کا فرض ہے۔ تقریب میں پرچم کشائی کی گئی اور ملک کی سلامتی کے لیے خصوصی دعا کی گئی۔ شہریوں نے جوش و خروش سے تقریبات میں حصہ لیا۔ یوم آزادی کے موقع پر وزیراعظم آزاد کشمیر نے قوم کے نام اپنے پیغام میں کہا کہ پاکستان کی آزادی کی جدوجہد میں کشمیری عوام نے بے مثال قربانیاں دیں۔ انہوں نے کہا کہ آزادی ایک عظیم نعمت ہے جس کی حفاظت ہم سب کا فرض ہے۔ تقریب میں پرچم کشائی کی گئی اور ملک کی سلامتی کے لیے خصوصی دعا کی گئی۔ شہریوں نے جوش و خروش سے تقریبات میں حصہ لیا۔

ایس-32
" سیاست "

یوم آزادی کے موقع پر وزیراعظم آزاد کشمیر نے قوم کے نام اپنے پیغام میں کہا کہ پاکستان کی آزادی کی جدوجہد میں کشمیری عوام نے بے مثال قربانیاں دیں۔ انہوں نے کہا کہ آزادی ایک عظیم نعمت ہے جس کی حفاظت ہم سب کا فرض ہے۔ تقریب میں پرچم کشائی کی گئی اور ملک کی سلامتی کے لیے خصوصی دعا کی گئی۔ شہریوں نے جوش و خروش سے تقریبات میں حصہ لیا۔

ایس-33
" سیاست "

یوم آزادی کے موقع پر وزیراعظم آزاد کشمیر نے قوم کے نام اپنے پیغام میں کہا کہ پاکستان کی آزادی کی جدوجہد میں کشمیری عوام نے بے مثال قربانیاں دیں۔ انہوں نے کہا کہ آزادی ایک عظیم نعمت ہے جس کی حفاظت ہم سب کا فرض ہے۔ تقریب میں پرچم کشائی کی گئی اور ملک کی سلامتی کے لیے خصوصی دعا کی گئی۔ شہریوں نے جوش و خروش سے تقریبات میں حصہ لیا۔ یوم آزادی کے موقع پر وزیراعظم آزاد کشمیر نے قوم کے نام اپنے پیغام میں کہا کہ پاکستان کی آزادی کی جدوجہد میں کشمیری عوام نے بے مثال قربانیاں دیں۔ انہوں نے کہا کہ آزادی ایک عظیم نعمت ہے جس کی حفاظت ہم سب کا فرض ہے۔ تقریب میں پرچم کشائی کی گئی اور ملک کی سلامتی کے لیے خصوصی دعا کی گئی۔ شہریوں نے جوش و خروش سے تقریبات میں حصہ لیا۔

ایس-34
" سیاست "

یوم آزادی کے موقع پر وزیراعظم آزاد کشمیر نے قوم کے نام اپنے پیغام میں کہا کہ پاکستان کی آزادی کی جدوجہد میں کشمیری عوام نے بے مثال قربانیاں دیں۔ انہوں نے کہا کہ آزادی ایک عظیم نعمت ہے جس کی حفاظت ہم سب کا فرض ہے۔ تقریب میں پرچم کشائی کی گئی اور ملک کی سلامتی کے لیے خصوصی دعا کی گئی۔ شہریوں نے جوش و خروش سے تقریبات میں حصہ لیا۔ یوم آزادی کے موقع پر وزیراعظم آزاد کشمیر نے قوم کے نام اپنے پیغام میں کہا کہ پاکستان کی آزادی کی جدوجہد میں کشمیری عوام نے بے مثال قربانیاں دیں۔ انہوں نے کہا کہ آزادی ایک عظیم نعمت ہے جس کی حفاظت ہم سب کا فرض ہے۔ تقریب میں پرچم کشائی کی گئی اور ملک کی سلامتی کے لیے خصوصی دعا کی گئی۔ شہریوں نے جوش و خروش سے تقریبات میں حصہ لیا۔ یوم آزادی کے موقع پر وزیراعظم آزاد کشمیر نے قوم کے نام اپنے پیغام میں کہا کہ پاکستان کی آزادی کی جدوجہد میں کشمیری عوام نے بے مثال قربانیاں دیں۔ انہوں نے کہا کہ آزادی ایک عظیم نعمت ہے جس کی حفاظت ہم سب کا فرض ہے۔ تقریب میں پرچم کشائی کی گئی اور ملک کی سلامتی کے لیے خصوصی دعا کی گئی۔ شہریوں نے جوش و خروش سے تقریبات میں حصہ لیا۔

ایس-35
" سیاست "

یوم آزادی کے موقع پر وزیراعظم آزاد کشمیر نے قوم کے نام اپنے پیغام میں کہا کہ پاکستان کی آزادی کی جدوجہد میں کشمیری عوام نے بے مثال قربانیاں دیں۔ انہوں نے کہا کہ آزادی ایک عظیم نعمت ہے جس کی حفاظت ہم سب کا فرض ہے۔ تقریب میں پرچم کشائی کی گئی اور ملک کی سلامتی کے لیے خصوصی دعا کی گئی۔ شہریوں نے جوش و خروش سے تقریبات میں حصہ لیا۔ یوم آزادی کے موقع پر وزیراعظم آزاد کشمیر نے قوم کے نام اپنے پیغام میں کہا کہ پاکستان کی آزادی کی جدوجہد میں کشمیری عوام نے بے مثال قربانیاں دیں۔ انہوں نے کہا کہ آزادی ایک عظیم نعمت ہے جس کی حفاظت ہم سب کا فرض ہے۔ تقریب میں پرچم کشائی کی گئی اور ملک کی سلامتی کے لیے خصوصی دعا کی گئی۔ شہریوں نے جوش و خروش سے تقریبات میں حصہ لیا۔ یوم آزادی کے موقع پر وزیراعظم آزاد کشمیر نے قوم کے نام اپنے پیغام میں کہا کہ پاکستان کی آزادی کی جدوجہد میں کشمیری عوام نے بے مثال قربانیاں دیں۔ انہوں نے کہا کہ آزادی ایک عظیم نعمت ہے جس کی حفاظت ہم سب کا فرض ہے۔ تقریب میں پرچم کشائی کی گئی اور ملک کی سلامتی کے لیے خصوصی دعا کی گئی۔ شہریوں نے جوش و خروش سے تقریبات میں حصہ لیا۔

ایس-36
" سیاست "

یوم آزادی کے موقع پر وزیراعظم آزاد کشمیر نے قوم کے نام اپنے پیغام میں کہا کہ پاکستان کی آزادی کی جدوجہد میں کشمیری عوام نے بے مثال قربانیاں دیں۔ انہوں نے کہا کہ آزادی ایک عظیم نعمت ہے جس کی حفاظت ہم سب کا فرض ہے۔ تقریب میں پرچم کشائی کی گئی اور ملک کی سلامتی کے لیے خصوصی دعا کی گئی۔ شہریوں نے جوش و خروش سے تقریبات میں حصہ لیا۔

ایس-37
" سیاست "

یوم آزادی کے موقع پر وزیراعظم آزاد کشمیر نے قوم کے نام اپنے پیغام میں کہا کہ پاکستان کی آزادی کی جدوجہد میں کشمیری عوام نے بے مثال قربانیاں دیں۔ انہوں نے کہا کہ آزادی ایک عظیم نعمت ہے جس کی حفاظت ہم سب کا فرض ہے۔ تقریب میں پرچم کشائی کی گئی اور ملک کی سلامتی کے لیے خصوصی دعا کی گئی۔ شہریوں نے جوش و خروش سے تقریبات میں حصہ لیا۔ یوم آزادی کے موقع پر وزیراعظم آزاد کشمیر نے قوم کے نام اپنے پیغام میں کہا کہ پاکستان کی آزادی کی جدوجہد میں کشمیری عوام نے بے مثال قربانیاں دیں۔ انہوں نے کہا کہ آزادی ایک عظیم نعمت ہے جس کی حفاظت ہم سب کا فرض ہے۔ تقریب میں پرچم کشائی کی گئی اور ملک کی سلامتی کے لیے خصوصی دعا کی گئی۔ شہریوں نے جوش و خروش سے تقریبات میں حصہ لیا۔

ایس-38
" سیاست "

یوم آزادی کے موقع پر وزیراعظم آزاد کشمیر نے قوم کے نام اپنے پیغام میں کہا کہ پاکستان کی آزادی کی جدوجہد میں کشمیری عوام نے بے مثال قربانیاں دیں۔ انہوں نے کہا کہ آزادی ایک عظیم نعمت ہے جس کی حفاظت ہم سب کا فرض ہے۔ تقریب میں پرچم کشائی کی گئی اور ملک کی سلامتی کے لیے خصوصی دعا کی گئی۔ شہریوں نے جوش و خروش سے تقریبات میں حصہ لیا۔ یوم آزادی کے موقع پر وزیراعظم آزاد کشمیر نے قوم کے نام اپنے پیغام میں کہا کہ پاکستان کی آزادی کی جدوجہد میں کشمیری عوام نے بے مثال قربانیاں دیں۔ انہوں نے کہا کہ آزادی ایک عظیم نعمت ہے جس کی حفاظت ہم سب کا فرض ہے۔ تقریب میں پرچم کشائی کی گئی اور ملک کی سلامتی کے لیے خصوصی دعا کی گئی۔ شہریوں نے جوش و خروش سے تقریبات میں حصہ لیا۔ یوم آزادی کے موقع پر وزیراعظم آزاد کشمیر نے قوم کے نام اپنے پیغام میں کہا کہ پاکستان کی آزادی کی جدوجہد میں کشمیری عوام نے بے مثال قربانیاں دیں۔ انہوں نے کہا کہ آزادی ایک عظیم نعمت ہے جس کی حفاظت ہم سب کا فرض ہے۔ تقریب میں پرچم کشائی کی گئی اور ملک کی سلامتی کے لیے خصوصی دعا کی گئی۔ شہریوں نے جوش و خروش سے تقریبات میں حصہ لیا۔

ایس-39
" سیاست "

یوم آزادی کے موقع پر وزیراعظم آزاد کشمیر نے قوم کے نام اپنے پیغام میں کہا کہ پاکستان کی آزادی کی جدوجہد میں کشمیری عوام نے بے مثال قربانیاں دیں۔ انہوں نے کہا کہ آزادی ایک عظیم نعمت ہے جس کی حفاظت ہم سب کا فرض ہے۔ تقریب میں پرچم کشائی کی گئی اور ملک کی سلامتی کے لیے خصوصی دعا کی گئی۔ شہریوں نے جوش و خروش سے تقریبات میں حصہ لیا۔

ایس-40
" سیاست "

یوم آزادی کے موقع پر وزیراعظم آزاد کشمیر نے قوم کے نام اپنے پیغام میں کہا کہ پاکستان کی آزادی کی جدوجہد میں کشمیری عوام نے بے مثال قربانیاں دیں۔ انہوں نے کہا کہ آزادی ایک عظیم نعمت ہے جس کی حفاظت ہم سب کا فرض ہے۔ تقریب میں پرچم کشائی کی گئی اور ملک کی سلامتی کے لیے خصوصی دعا کی گئی۔ شہریوں نے جوش و خروش سے تقریبات میں حصہ لیا۔ یوم آزادی کے موقع پر وزیراعظم آزاد کشمیر نے قوم کے نام اپنے پیغام میں کہا کہ پاکستان کی آزادی کی جدوجہد میں کشمیری عوام نے بے مثال قربانیاں دیں۔ انہوں نے کہا کہ آزادی ایک عظیم نعمت ہے جس کی حفاظت ہم سب کا فرض ہے۔ تقریب میں پرچم کشائی کی گئی اور ملک کی سلامتی کے لیے خصوصی دعا کی گئی۔ شہریوں نے جوش و خروش سے تقریبات میں حصہ لیا۔

ایس-41
" سیاست "

یوم آزادی کے موقع پر وزیراعظم آزاد کشمیر نے قوم کے نام اپنے پیغام میں کہا کہ پاکستان کی آزادی کی جدوجہد میں کشمیری عوام نے بے مثال قربانیاں دیں۔ انہوں نے کہا کہ آزادی ایک عظیم نعمت ہے جس کی حفاظت ہم سب کا فرض ہے۔ تقریب میں پرچم کشائی کی گئی اور ملک کی سلامتی کے لیے خصوصی دعا کی گئی۔ شہریوں نے جوش و خروش سے تقریبات میں حصہ لیا۔ یوم آزادی کے موقع پر وزیراعظم آزاد کشمیر نے قوم کے نام اپنے پیغام میں کہا کہ پاکستان کی آزادی کی جدوجہد میں کشمیری عوام نے بے مثال قربانیاں دیں۔ انہوں نے کہا کہ آزادی ایک عظیم نعمت ہے جس کی حفاظت ہم سب کا فرض ہے۔ تقریب میں پرچم کشائی کی گئی اور ملک کی سلامتی کے لیے خصوصی دعا کی گئی۔ شہریوں نے جوش و خروش سے تقریبات میں حصہ لیا۔ یوم آزادی کے موقع پر وزیراعظم آزاد کشمیر نے قوم کے نام اپنے پیغام میں کہا کہ پاکستان کی آزادی کی جدوجہد میں کشمیری عوام نے بے مثال قربانیاں دیں۔ انہوں نے کہا کہ آزادی ایک عظیم نعمت ہے جس کی حفاظت ہم سب کا فرض ہے۔ تقریب میں پرچم کشائی کی گئی اور ملک کی سلامتی کے لیے خصوصی دعا کی گئی۔ شہریوں نے جوش و خروش سے تقریبات میں حصہ لیا۔

ایس-42
" سیاست "

یوم آزادی کے موقع پر وزیراعظم آزاد کشمیر نے قوم کے نام اپنے پیغام میں کہا کہ پاکستان کی آزادی کی جدوجہد میں کشمیری عوام نے بے مثال قربانیاں دیں۔ انہوں نے کہا کہ آزادی ایک عظیم نعمت ہے جس کی حفاظت ہم سب کا فرض ہے۔ تقریب میں پرچم کشائی کی گئی اور ملک کی سلامتی کے لیے خصوصی دعا کی گئی۔ شہریوں نے جوش و خروش سے تقریبات میں حصہ لیا۔

ایس-43
" سیاست "

یوم آزادی کے موقع پر وزیراعظم آزاد کشمیر نے قوم کے نام اپنے پیغام میں کہا کہ پاکستان کی آزادی کی جدوجہد میں کشمیری عوام نے بے مثال قربانیاں دیں۔ انہوں نے کہا کہ آزادی ایک عظیم نعمت ہے جس کی حفاظت ہم سب کا فرض ہے۔ تقریب میں پرچم کشائی کی گئی اور ملک کی سلامتی کے لیے خصوصی دعا کی گئی۔ شہریوں نے جوش و خروش سے تقریبات میں حصہ لیا۔ یوم آزادی کے موقع پر وزیراعظم آزاد کشمیر نے قوم کے نام اپنے پیغام میں کہا کہ پاکستان کی آزادی کی جدوجہد میں کشمیری عوام نے بے مثال قربانیاں دیں۔ انہوں نے کہا کہ آزادی ایک عظیم نعمت ہے جس کی حفاظت ہم سب کا فرض ہے۔ تقریب میں پرچم کشائی کی گئی اور ملک کی سلامتی کے لیے خصوصی دعا کی گئی۔ شہریوں نے جوش و خروش سے تقریبات میں حصہ لیا۔

ایس-44
" سیاست "

یوم آزادی کے موقع پر وزیراعظم آزاد کشمیر نے قوم کے نام اپنے پیغام میں کہا کہ پاکستان کی آزادی کی جدوجہد میں کشمیری عوام نے بے مثال قربانیاں دیں۔ انہوں نے کہا کہ آزادی ایک عظیم نعمت ہے جس کی حفاظت ہم سب کا فرض ہے۔ تقریب میں پرچم کشائی کی گئی اور ملک کی سلامتی کے لیے خصوصی دعا کی گئی۔ شہریوں نے جوش و خروش سے تقریبات میں حصہ لیا۔ یوم آزادی کے موقع پر وزیراعظم آزاد کشمیر نے قوم کے نام اپنے پیغام میں کہا کہ پاکستان کی آزادی کی جدوجہد میں کشمیری عوام نے بے مثال

ایس-46
" سیاست "

یوم آزادی کے موقع پر وزیراعظم آزاد کشمیر نے قوم کے نام اپنے پیغام میں کہا کہ پاکستان کی آزادی کی جدوجہد میں کشمیری عوام نے بے مثال قربانیاں دیں۔ انہوں نے کہا کہ آزادی ایک عظیم نعمت ہے جس کی حفاظت ہم سب کا فرض ہے۔ تقریب میں پرچم کشائی کی گئی اور ملک کی سلامتی کے لیے خصوصی دعا کی گئی۔ شہریوں نے جوش و خروش سے تقریبات میں حصہ لیا۔

ایس-47
" سیاست "

یوم آزادی کے موقع پر وزیراعظم آزاد کشمیر نے قوم کے نام اپنے پیغام میں کہا کہ پاکستان کی آزادی کی جدوجہد میں کشمیری عوام نے بے مثال قربانیاں دیں۔ انہوں نے کہا کہ آزادی ایک عظیم نعمت ہے جس کی حفاظت ہم سب کا فرض ہے۔ تقریب میں پرچم کشائی کی گئی اور ملک کی سلامتی کے لیے خصوصی دعا کی گئی۔ شہریوں نے جوش و خروش سے تقریبات میں حصہ لیا۔ یوم آزادی کے موقع پر وزیراعظم آزاد کشمیر نے قوم کے نام اپنے پیغام میں کہا کہ پاکستان کی آزادی کی جدوجہد میں کشمیری عوام نے بے مثال قربانیاں دیں۔ انہوں نے کہا کہ آزادی ایک عظیم نعمت ہے جس کی حفاظت ہم سب کا فرض ہے۔ تقریب میں پرچم کشائی کی گئی اور ملک کی سلامتی کے لیے خصوصی دعا کی گئی۔ شہریوں نے جوش و خروش سے تقریبات میں حصہ لیا۔

ایس-48
" سیاست "

یوم آزادی کے موقع پر وزیراعظم آزاد کشمیر نے قوم کے نام اپنے پیغام میں کہا کہ پاکستان کی آزادی کی جدوجہد میں کشمیری عوام نے بے مثال قربانیاں دیں۔ انہوں نے کہا کہ آزادی ایک عظیم نعمت ہے جس کی حفاظت ہم سب کا فرض ہے۔ تقریب میں پرچم کشائی کی گئی اور ملک کی سلامتی کے لیے خصوصی دعا کی گئی۔ شہریوں نے جوش و خروش سے تقریبات میں حصہ لیا۔ یوم آزادی کے موقع پر وزیراعظم آزاد کشمیر نے قوم کے نام اپنے پیغام میں کہا کہ پاکستان کی آزادی کی جدوجہد میں کشمیری عوام نے بے مثال قربانیاں دیں۔ انہوں نے کہا کہ آزادی ایک عظیم نعمت ہے جس کی حفاظت ہم سب کا فرض ہے۔ تقریب میں پرچم کشائی کی گئی اور ملک کی سلامتی کے لیے خصوصی دعا کی گئی۔ شہریوں نے جوش و خروش سے تقریبات میں حصہ لیا۔ یوم آزادی کے موقع پر وزیراعظم آزاد کشمیر نے قوم کے نام اپنے پیغام میں کہا کہ پاکستان کی آزادی کی جدوجہد میں کشمیری عوام نے بے مثال قربانیاں دیں۔ انہوں نے کہا کہ آزادی ایک عظیم نعمت ہے جس کی حفاظت ہم سب کا فرض ہے۔ تقریب میں پرچم کشائی کی گئی اور ملک کی سلامتی کے لیے خصوصی دعا کی گئی۔ شہریوں نے جوش و خروش سے تقریبات میں حصہ لیا۔

ایس-49
" سیاست "

یوم آزادی کے موقع پر وزیراعظم آزاد کشمیر نے قوم کے نام اپنے پیغام میں کہا کہ پاکستان کی آزادی کی جدوجہد میں کشمیری عوام نے بے مثال قربانیاں دیں۔ انہوں نے کہا کہ آزادی ایک عظیم نعمت ہے جس کی حفاظت ہم سب کا فرض ہے۔ تقریب میں پرچم کشائی کی گئی اور ملک کی سلامتی کے لیے خصوصی دعا کی گئی۔ شہریوں نے جوش و خروش سے تقریبات میں حصہ لیا۔

ایس-50
" سیاست "

یوم آزادی کے موقع پر وزیراعظم آزاد کشمیر نے قوم کے نام اپنے پیغام میں کہا کہ پاکستان کی آزادی کی جدوجہد میں کشمیری عوام نے بے مثال قربانیاں دیں۔ انہوں نے کہا کہ آزادی ایک عظیم نعمت ہے جس کی حفاظت ہم سب کا فرض ہے۔ تقریب میں پرچم کشائی کی گئی اور ملک کی سلامتی کے لیے خصوصی دعا کی گئی۔ شہریوں نے جوش و خروش سے تقریبات میں حصہ لیا۔ یوم آزادی کے موقع پر وزیراعظم آزاد کشمیر نے قوم کے نام اپنے پیغام میں کہا کہ پاکستان کی آزادی کی جدوجہد میں کشمیری عوام نے بے مثال قربانیاں دیں۔ انہوں نے کہا کہ آزادی ایک عظیم نعمت ہے جس کی حفاظت ہم سب کا فرض ہے۔ تقریب میں پرچم کشائی کی گئی اور ملک کی سلامتی کے لیے خصوصی دعا کی گئی۔ شہریوں نے جوش و خروش سے تقریبات میں حصہ لیا۔

ایس-51
" سیاست "

یوم آزادی کے موقع پر وزیراعظم آزاد کشمیر نے قوم کے نام اپنے پیغام میں کہا کہ پاکستان کی آزادی کی جدوجہد میں کشمیری عوام نے بے مثال قربانیاں دیں۔ انہوں نے کہا کہ آزادی ایک عظیم نعمت ہے جس کی حفاظت ہم سب کا فرض ہے۔ تقریب میں پرچم کشائی کی گئی اور ملک کی سلامتی کے لیے خصوصی دعا کی گئی۔ شہریوں نے جوش و خروش سے تقریبات میں حصہ لیا۔ یوم آزادی کے موقع پر وزیراعظم آزاد کشمیر نے قوم کے نام اپنے پیغام میں کہا کہ پاکستان کی آزادی کی جدوجہد میں کشمیری عوام نے بے مثال قربانیاں دیں۔ انہوں نے کہا کہ آزادی ایک عظیم نعمت ہے جس کی حفاظت ہم سب کا فرض ہے۔ تقریب میں پرچم کشائی کی گئی اور ملک کی سلامتی کے لیے خصوصی دعا کی گئی۔ شہریوں نے جوش و خروش سے تقریبات میں حصہ لیا۔ یوم آزادی کے موقع پر وزیراعظم آزاد کشمیر نے قوم کے نام اپنے پیغام میں کہا کہ پاکستان کی آزادی کی جدوجہد میں کشمیری عوام نے بے مثال قربانیاں دیں۔ انہوں نے کہا کہ آزادی ایک عظیم نعمت ہے جس کی حفاظت ہم سب کا فرض ہے۔ تقریب میں پرچم کشائی کی گئی اور ملک کی سلامتی کے لیے خصوصی دعا کی گئی۔ شہریوں نے جوش و خروش سے تقریبات میں حصہ لیا۔

ایس-52
" سیاست "

یوم آزادی کے موقع پر وزیراعظم آزاد کشمیر نے قوم کے نام اپنے پیغام میں کہا کہ پاکستان کی آزادی کی جدوجہد میں کشمیری عوام نے بے مثال قربانیاں دیں۔ انہوں نے کہا کہ آزادی ایک عظیم نعمت ہے جس کی حفاظت ہم سب کا فرض ہے۔ تقریب میں پرچم کشائی کی گئی اور ملک کی سلامتی کے لیے خصوصی دعا کی گئی۔ شہریوں نے جوش و خروش سے تقریبات میں حصہ لیا۔

ایس-53
" سیاست "

یوم آزادی کے موقع پر وزیراعظم آزاد کشمیر نے قوم کے نام اپنے پیغام میں کہا کہ پاکستان کی آزادی کی جدوجہد میں کشمیری عوام نے بے مثال قربانیاں دیں۔ انہوں نے کہا کہ آزادی ایک عظیم نعمت ہے جس کی حفاظت ہم سب کا فرض ہے۔ تقریب میں پرچم کشائی کی گئی اور ملک کی سلامتی کے لیے خصوصی دعا کی گئی۔ شہریوں نے جوش و خروش سے تقریبات میں حصہ لیا۔ یوم آزادی کے موقع پر وزیراعظم آزاد کشمیر نے قوم کے نام اپنے پیغام میں کہا کہ پاکستان کی آزادی کی جدوجہد میں کشمیری عوام نے بے مثال قربانیاں دیں۔ انہوں نے کہا کہ آزادی ایک عظیم نعمت ہے جس کی حفاظت ہم سب کا فرض ہے۔ تقریب میں پرچم کشائی کی گئی اور ملک کی سلامتی کے لیے خصوصی دعا کی گئی۔ شہریوں نے جوش و خروش سے تقریبات میں حصہ لیا۔

ایس-54
" سیاست "

یوم آزادی کے موقع پر وزیراعظم آزاد کشمیر نے قوم کے نام اپنے پیغام میں کہا کہ پاکستان کی آزادی کی جدوجہد میں کشمیری عوام نے بے مثال قربانیاں دیں۔ انہوں نے کہا کہ آزادی ایک عظیم نعمت ہے جس کی حفاظت ہم سب کا فرض ہے۔ تقریب میں پرچم کشائی کی گئی اور ملک کی سلامتی کے لیے خصوصی دعا کی گئی۔ شہریوں نے جوش و خروش سے تقریبات میں حصہ لیا۔ یوم آزادی کے موقع پر وزیراعظم آزاد کشمیر نے قوم کے نام اپنے پیغام میں کہا کہ پاکستان کی آزادی کی جدوجہد میں کشمیری عوام نے بے مثال قربانیاں دیں۔ انہوں نے کہا کہ آزادی ایک عظیم نعمت ہے جس کی حفاظت ہم سب کا فرض ہے۔ تقریب میں پرچم کشائی کی گئی اور ملک کی سلامتی کے لیے خصوصی دعا کی گئی۔ شہریوں نے جوش و خروش سے تقریبات میں حصہ لیا۔ یوم آزادی کے موقع پر وزیراعظم آزاد کشمیر نے قوم کے نام اپنے پیغام میں کہا کہ پاکستان کی آزادی کی جدوجہد میں کشمیری عوام نے بے مثال قربانیاں دیں۔ انہوں نے کہا کہ آزادی ایک عظیم نعمت ہے جس کی حفاظت ہم سب کا فرض ہے۔ تقریب میں پرچم کشائی کی گئی اور ملک کی سلامتی کے لیے خصوصی دعا کی گئی۔ شہریوں نے جوش و خروش سے تقریبات میں حصہ لیا۔

ایس-55
" سیاست "

یوم آزادی کے موقع پر وزیراعظم آزاد کشمیر نے قوم کے نام اپنے پیغام میں کہا کہ پاکستان کی آزادی کی جدوجہد میں کشمیری عوام نے بے مثال قربانیاں دیں۔ انہوں نے کہا کہ آزادی ایک عظیم نعمت ہے جس کی حفاظت ہم سب کا فرض ہے۔ تقریب میں پرچم کشائی کی گئی اور ملک کی سلامتی کے لیے خصوصی دعا کی گئی۔ شہریوں نے جوش و خروش سے تقریبات میں حصہ لیا۔

ایس-56
" سیاست "

یوم آزادی کے موقع پر وزیراعظم آزاد

ایس-61
" سیاست "

یوم آزادی کے موقع پر وزیراعظم آزاد کشمیر نے قوم کے نام اپنے پیغام میں کہا کہ پاکستان کی آزادی کی جدوجہد میں کشمیری عوام نے بے مثال قربانیاں دیں۔ انہوں نے کہا کہ آزادی ایک عظیم نعمت ہے جس کی حفاظت ہم سب کا فرض ہے۔ تقریب میں پرچم کشائی کی گئی اور ملک کی سلامتی کے لیے خصوصی دعا کی گئی۔ شہریوں نے جوش و خروش سے تقریبات میں حصہ لیا۔ یوم آزادی کے موقع پر وزیراعظم آزاد کشمیر نے قوم کے نام اپنے پیغام میں کہا کہ پاکستان کی آزادی کی جدوجہد میں کشمیری عوام نے بے مثال قربانیاں دیں۔ انہوں نے کہا کہ آزادی ایک عظیم نعمت ہے جس کی حفاظت ہم سب کا فرض ہے۔ تقریب میں پرچم کشائی کی گئی اور ملک کی سلامتی کے لیے خصوصی دعا کی گئی۔ شہریوں نے جوش و خروش سے تقریبات میں حصہ لیا۔

ایس-62
" سیاست "

یوم آزادی کے موقع پر وزیراعظم آزاد کشمیر نے قوم کے نام اپنے پیغام میں کہا کہ پاکستان کی آزادی کی جدوجہد میں کشمیری عوام نے بے مثال قربانیاں دیں۔ انہوں نے کہا کہ آزادی ایک عظیم نعمت ہے جس کی حفاظت ہم سب کا فرض ہے۔ تقریب میں پرچم کشائی کی گئی اور ملک کی سلامتی کے لیے خصوصی دعا کی گئی۔ شہریوں نے جوش و خروش سے تقریبات میں حصہ لیا۔ یوم آزادی کے موقع پر وزیراعظم آزاد کشمیر نے قوم کے نام اپنے پیغام میں کہا کہ پاکستان کی آزادی کی جدوجہد میں کشمیری عوام نے بے مثال قربانیاں دیں۔ انہوں نے کہا کہ آزادی ایک عظیم نعمت ہے جس کی حفاظت ہم سب کا فرض ہے۔ تقریب میں پرچم کشائی کی گئی اور ملک کی سلامتی کے لیے خصوصی دعا کی گئی۔ شہریوں نے جوش و خروش سے تقریبات میں حصہ لیا۔ یوم آزادی کے موقع پر وزیراعظم آزاد کشمیر نے قوم کے نام اپنے پیغام میں کہا کہ پاکستان کی آزادی کی جدوجہد میں کشمیری عوام نے بے مثال قربانیاں دیں۔ انہوں نے کہا کہ آزادی ایک عظیم نعمت ہے جس کی حفاظت ہم سب کا فرض ہے۔ تقریب میں پرچم کشائی کی گئی اور ملک کی سلامتی کے لیے خصوصی دعا کی گئی۔ شہریوں نے جوش و خروش سے تقریبات میں حصہ لیا۔

ایس-63
" سیاست "

یوم آزادی کے موقع پر وزیراعظم آزاد کشمیر نے قوم کے نام اپنے پیغام میں کہا کہ پاکستان کی آزادی کی جدوجہد میں کشمیری عوام نے بے مثال قربانیاں دیں۔ انہوں نے کہا کہ آزادی ایک عظیم نعمت ہے جس کی حفاظت ہم سب کا فرض ہے۔ تقریب میں پرچم کشائی کی گئی اور ملک کی سلامتی کے لیے خصوصی دعا کی گئی۔ شہریوں نے جوش و خروش سے تقریبات میں حصہ لیا۔

ایس-64
" سیاست "

یوم آزادی کے موقع پر وزیراعظم آزاد کشمیر نے قوم کے نام اپنے پیغام میں کہا کہ پاکستان کی آزادی کی جدوجہد میں کشمیری عوام نے بے مثال قربانیاں دیں۔ انہوں نے کہا کہ آزادی ایک عظیم نعمت ہے جس کی حفاظت ہم سب کا فرض ہے۔ تقریب میں پرچم کشائی کی گئی اور ملک کی سلامتی کے لیے خصوصی دعا کی گئی۔ شہریوں نے جوش و خروش سے تقریبات میں حصہ لیا۔ یوم آزادی کے موقع پر وزیراعظم آزاد کشمیر نے قوم کے نام اپنے پیغام میں کہا کہ پاکستان کی آزادی کی جدوجہد میں کشمیری عوام نے بے مثال قربانیاں دیں۔ انہوں نے کہا کہ آزادی ایک عظیم نعمت ہے جس کی حفاظت ہم سب کا فرض ہے۔ تقریب میں پرچم کشائی کی گئی اور ملک کی سلامتی کے لیے خصوصی دعا کی گئی۔ شہریوں نے جوش و خروش سے تقریبات میں حصہ لیا۔

ایس-65
" سیاست "

یوم آزادی کے موقع پر وزیراعظم آزاد کشمیر نے قوم کے نام اپنے پیغام میں کہا کہ پاکستان کی آزادی کی جدوجہد میں کشمیری عوام نے بے مثال قربانیاں دیں۔ انہوں نے کہا کہ آزادی ایک عظیم نعمت ہے جس کی حفاظت ہم سب کا فرض ہے۔ تقریب میں پرچم کشائی کی گئی اور ملک کی سلامتی کے لیے خصوصی دعا کی گئی۔ شہریوں نے جوش و خروش سے تقریبات میں حصہ لیا۔ یوم آزادی کے موقع پر وزیراعظم آزاد کشمیر نے قوم کے نام اپنے پیغام میں کہا کہ پاکستان کی آزادی کی جدوجہد میں کشمیری عوام نے بے مثال قربانیاں دیں۔ انہوں نے کہا کہ آزادی ایک عظیم نعمت ہے جس کی حفاظت ہم سب کا فرض ہے۔ تقریب میں پرچم کشائی کی گئی اور ملک کی سلامتی کے لیے خصوصی دعا کی گئی۔ شہریوں نے جوش و خروش سے تقریبات میں حصہ لیا۔ یوم آزادی کے موقع پر وزیراعظم آزاد کشمیر نے قوم کے نام اپنے پیغام میں کہا کہ پاکستان کی آزادی کی جدوجہد میں کشمیری عوام نے بے مثال قربانیاں دیں۔ انہوں نے کہا کہ آزادی ایک عظیم نعمت ہے جس کی حفاظت ہم سب کا فرض ہے۔ تقریب میں پرچم کشائی کی گئی اور ملک کی سلامتی کے لیے خصوصی دعا کی گئی۔ شہریوں نے جوش و خروش سے تقریبات میں حصہ لیا۔

ایس-66
" سیاست "

یوم آزادی کے موقع پر وزیراعظم آزاد کشمیر نے قوم کے نام اپنے پیغام میں کہا کہ پاکستان کی آزادی کی جدوجہد میں کشمیری عوام نے بے مثال قربانیاں دیں۔ انہوں نے کہا کہ آزادی ایک عظیم نعمت ہے جس کی حفاظت ہم سب کا فرض ہے۔ تقریب میں پرچم کشائی کی گئی اور ملک کی سلامتی کے لیے خصوصی دعا کی گئی۔ شہریوں نے جوش و خروش سے تقریبات میں حصہ لیا۔

ایس-67
" سیاست "

یوم آزادی کے موقع پر وزیراعظم آزاد کشمیر نے قوم کے نام اپنے پیغام میں کہا کہ پاکستان کی آزادی کی جدوجہد میں کشمیری عوام نے بے مثال قربانیاں دیں۔ انہوں نے کہا کہ آزادی ایک عظیم نعمت ہے جس کی حفاظت ہم سب کا فرض ہے۔ تقریب میں پرچم کشائی کی گئی اور ملک کی سلامتی کے لیے خصوصی دعا کی گئی۔ شہریوں نے جوش و خروش سے تقریبات میں حصہ لیا۔ یوم آزادی کے موقع پر وزیراعظم آزاد کشمیر نے قوم کے نام اپنے پیغام میں کہا کہ پاکستان کی آزادی کی جدوجہد میں کشمیری عوام نے بے مثال قربانیاں دیں۔ انہوں نے کہا کہ آزادی ایک عظیم نعمت ہے جس کی حفاظت ہم سب کا فرض ہے۔ تقریب میں پرچم کشائی کی گئی اور ملک کی سلامتی کے لیے خصوصی دعا کی گئی۔ شہریوں نے جوش و خروش سے تقریبات میں حصہ لیا۔

ایس-68
" سیاست "

یوم آزادی کے موقع پر وزیراعظم آزاد کشمیر نے قوم کے نام اپنے پیغام میں کہا کہ پاکستان کی آزادی کی جدوجہد میں کشمیری عوام نے بے مثال قربانیاں دیں۔ انہوں نے کہا کہ آزادی ایک عظیم نعمت ہے جس کی حفاظت ہم سب کا فرض ہے۔ تقریب میں پرچم کشائی کی گئی اور ملک کی سلامتی کے لیے خصوصی دعا کی گئی۔ شہریوں نے جوش و خروش سے تقریبات میں حصہ لیا۔ یوم آزادی کے موقع پر وزیراعظم آزاد کشمیر نے قوم کے نام اپنے پیغام میں کہا کہ پاکستان کی آزادی کی جدوجہد میں کشمیری عوام نے بے مثال قربانیاں دیں۔ انہوں نے کہا کہ آزادی ایک عظیم نعمت ہے جس کی حفاظت ہم سب کا فرض ہے۔ تقریب میں پرچم کشائی کی گئی اور ملک کی سلامتی کے لیے خصوصی دعا کی گئی۔ شہریوں نے جوش و خروش سے تقریبات میں حصہ لیا۔ یوم آزادی کے موقع پر وزیراعظم آزاد کشمیر نے قوم کے نام اپنے پیغام میں کہا کہ پاکستان کی آزادی کی جدوجہد میں کشمیری عوام نے بے مثال قربانیاں دیں۔ انہوں نے کہا کہ آزادی ایک عظیم نعمت ہے جس کی حفاظت ہم سب کا فرض ہے۔ تقریب میں پرچم کشائی کی گئی اور ملک کی سلامتی کے لیے خصوصی دعا کی گئی۔ شہریوں نے جوش و خروش سے تقریبات میں حصہ لیا۔

ایس-69
" سیاست "

یوم آزادی کے موقع پر وزیراعظم آزاد کشمیر نے قوم کے نام اپنے پیغام میں کہا کہ پاکستان کی آزادی کی جدوجہد میں کشمیری عوام نے بے مثال قربانیاں دیں۔ انہوں نے کہا کہ آزادی ایک عظیم نعمت ہے جس کی حفاظت ہم سب کا فرض ہے۔ تقریب میں پرچم کشائی کی گئی اور ملک کی سلامتی کے لیے خصوصی دعا کی گئی۔ شہریوں نے جوش و خروش سے تقریبات میں حصہ لیا۔

ایس-70
" سیاست "

یوم آزادی کے موقع پر وزیراعظم آزاد کشمیر نے قوم کے نام اپنے پیغام میں کہا کہ پاکستان کی آزادی کی جدوجہد میں کشمیری عوام نے بے مثال قربانیاں دیں۔ انہوں نے کہا کہ آزادی ایک عظیم نعمت ہے جس کی حفاظت ہم سب کا فرض ہے۔ تقریب میں پرچم کشائی کی گئی اور ملک کی سلامتی کے لیے خصوصی دعا کی گئی۔ شہریوں نے جوش و خروش سے تقریبات میں حصہ لیا۔ یوم آزادی کے موقع پر وزیراعظم آزاد کشمیر نے قوم کے نام اپنے پیغام میں کہا کہ پاکستان کی آزادی کی جدوجہد میں کشمیری عوام نے بے مثال

✶
روزنامہ سیاست
✶
روزنامہ سیاست
✶
روزنامہ سیاست
✶
روزنامہ سیاست
✶
روزنامہ سیاست
✶
روزنامہ سیاست
✶
روزنامہ سیاست
✶
روزنامہ سیاست
